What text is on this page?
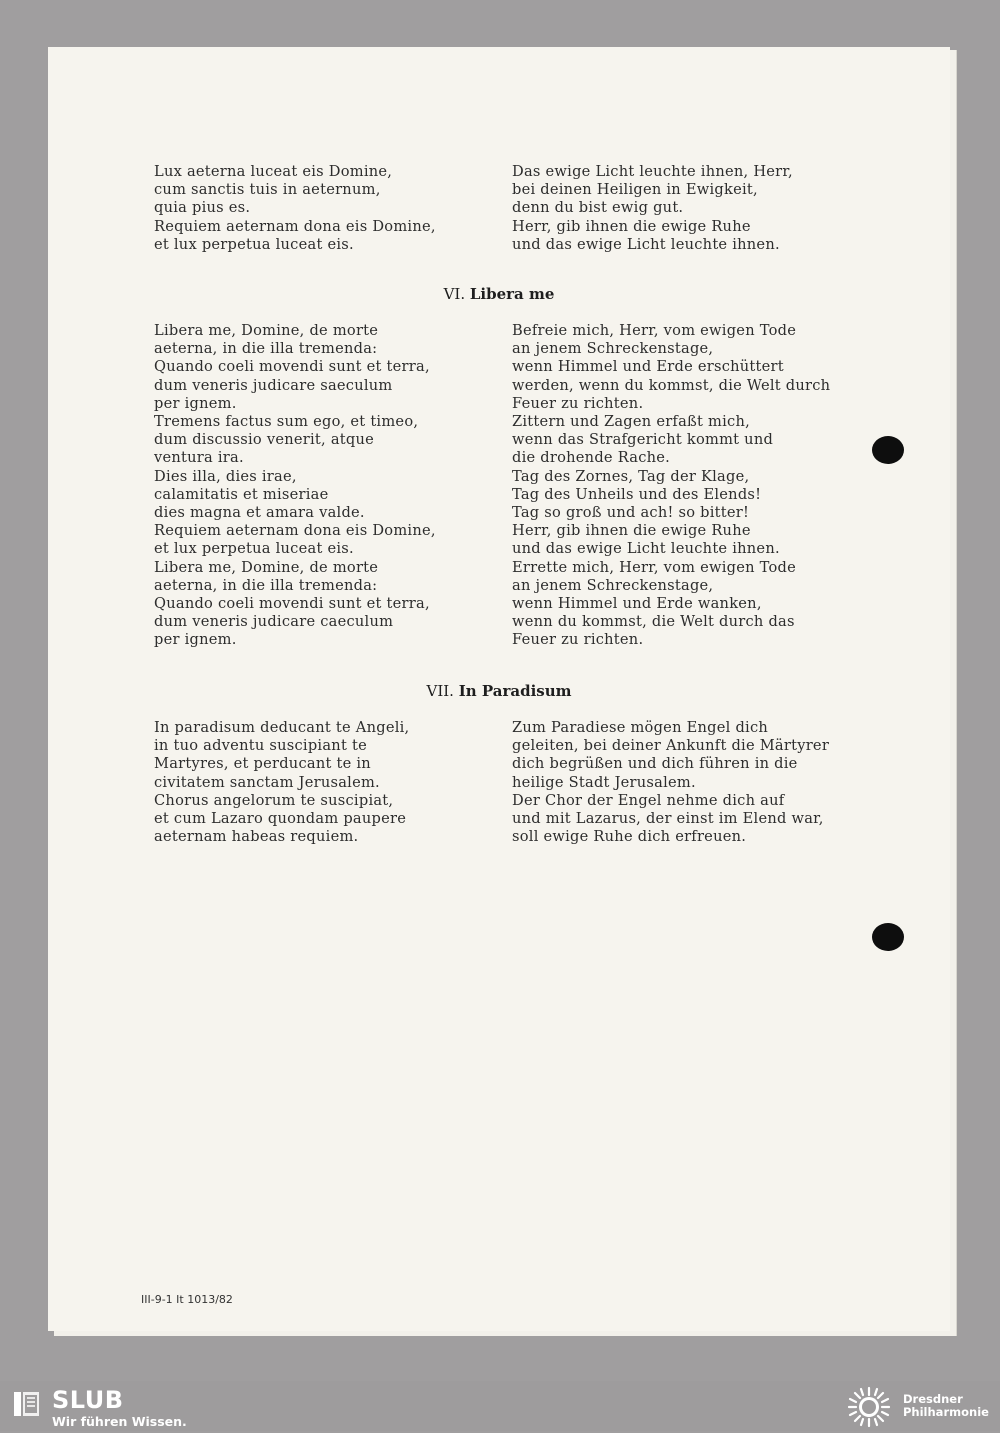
Lux aeterna luceat eis Domine,
cum sanctis tuis in aeternum,
quia pius es.
Requiem aeternam dona eis Domine,
et lux perpetua luceat eis.
Das ewige Licht leuchte ihnen, Herr,
bei deinen Heiligen in Ewigkeit,
denn du bist ewig gut.
Herr, gib ihnen die ewige Ruhe
und das ewige Licht leuchte ihnen.
VI. Libera me
Libera me, Domine, de morte
aeterna, in die illa tremenda:
Quando coeli movendi sunt et terra,
dum veneris judicare saeculum
per ignem.
Tremens factus sum ego, et timeo,
dum discussio venerit, atque
ventura ira.
Dies illa, dies irae,
calamitatis et miseriae
dies magna et amara valde.
Requiem aeternam dona eis Domine,
et lux perpetua luceat eis.
Libera me, Domine, de morte
aeterna, in die illa tremenda:
Quando coeli movendi sunt et terra,
dum veneris judicare caeculum
per ignem.
Befreie mich, Herr, vom ewigen Tode
an jenem Schreckenstage,
wenn Himmel und Erde erschüttert
werden, wenn du kommst, die Welt durch
Feuer zu richten.
Zittern und Zagen erfaßt mich,
wenn das Strafgericht kommt und
die drohende Rache.
Tag des Zornes, Tag der Klage,
Tag des Unheils und des Elends!
Tag so groß und ach! so bitter!
Herr, gib ihnen die ewige Ruhe
und das ewige Licht leuchte ihnen.
Errette mich, Herr, vom ewigen Tode
an jenem Schreckenstage,
wenn Himmel und Erde wanken,
wenn du kommst, die Welt durch das
Feuer zu richten.
VII. In Paradisum
In paradisum deducant te Angeli,
in tuo adventu suscipiant te
Martyres, et perducant te in
civitatem sanctam Jerusalem.
Chorus angelorum te suscipiat,
et cum Lazaro quondam paupere
aeternam habeas requiem.
Zum Paradiese mögen Engel dich
geleiten, bei deiner Ankunft die Märtyrer
dich begrüßen und dich führen in die
heilige Stadt Jerusalem.
Der Chor der Engel nehme dich auf
und mit Lazarus, der einst im Elend war,
soll ewige Ruhe dich erfreuen.
III-9-1 It 1013/82
SLUB
Wir führen Wissen.
Dresdner
Philharmonie
